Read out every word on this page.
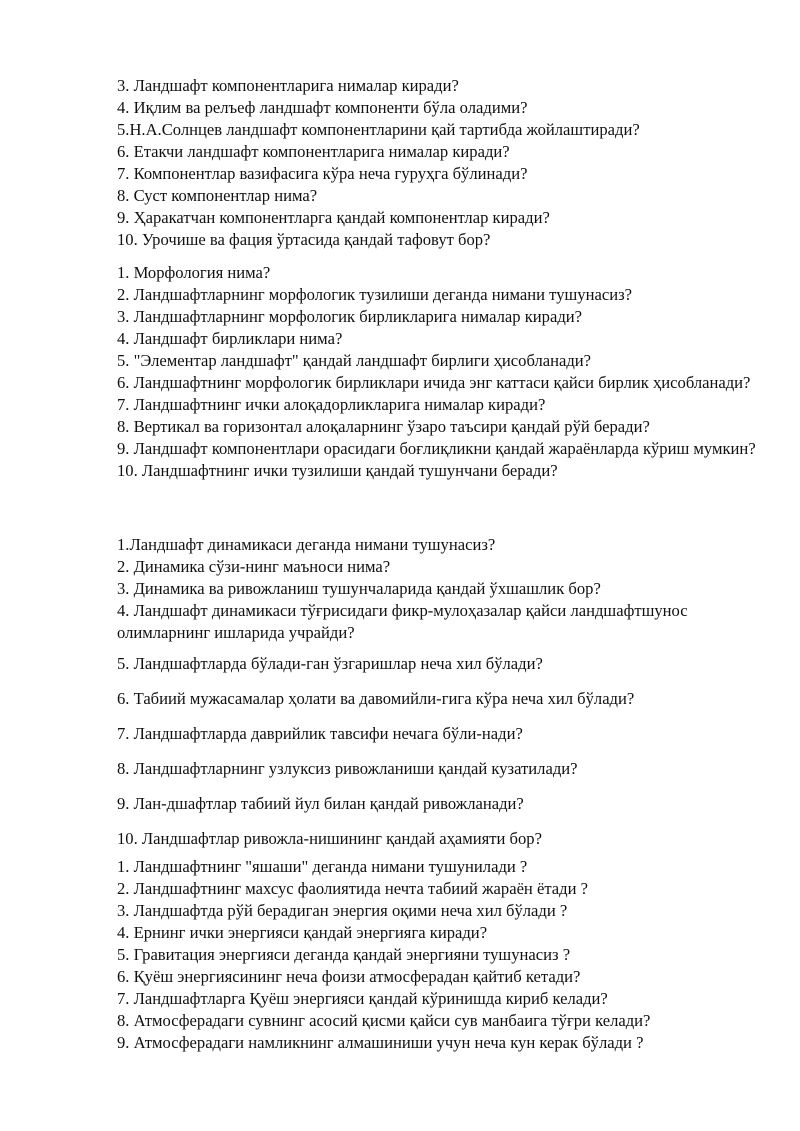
3. Ландшафт компонентларига нималар киради?
4. Иқлим ва релъеф ландшафт компоненти бўла оладими?
5.Н.А.Солнцев ландшафт компонентларини қай тартибда жойлаштиради?
6. Етакчи ландшафт компонентларига нималар киради?
7. Компонентлар вазифасига кўра неча гуруҳга бўлинади?
8. Суст компонентлар нима?
9. Ҳаракатчан компонентларга қандай компонентлар киради?
10. Урочише ва фация ўртасида қандай тафовут бор?
1. Морфология нима?
2. Ландшафтларнинг морфологик тузилиши деганда нимани тушунасиз?
3. Ландшафтларнинг морфологик бирликларига нималар киради?
4. Ландшафт бирликлари нима?
5. "Элементар ландшафт" қандай ландшафт бирлиги ҳисобланади?
6. Ландшафтнинг морфологик бирликлари ичида энг каттаси қайси бирлик ҳисобланади?
7. Ландшафтнинг ички алоқадорликларига нималар киради?
8. Вертикал ва горизонтал алоқаларнинг ўзаро таъсири қандай рўй беради?
9. Ландшафт компонентлари орасидаги боғлиқликни қандай жараёнларда кўриш мумкин?
10. Ландшафтнинг ички тузилиши қандай тушунчани беради?
1.Ландшафт динамикаси деганда нимани тушунасиз?
2. Динамика сўзи-нинг маъноси нима?
3. Динамика ва ривожланиш тушунчаларида қандай ўхшашлик бор?
4. Ландшафт динамикаси тўғрисидаги фикр-мулоҳазалар қайси ландшафтшунос олимларнинг ишларида учрайди?
5. Ландшафтларда бўлади-ган ўзгаришлар неча хил бўлади?
6. Табиий мужасамалар ҳолати ва давомийли-гига кўра неча хил бўлади?
7. Ландшафтларда даврийлик тавсифи нечага бўли-нади?
8. Ландшафтларнинг узлуксиз ривожланиши қандай кузатилади?
9. Лан-дшафтлар табиий йул билан қандай ривожланади?
10. Ландшафтлар ривожла-нишининг қандай аҳамияти бор?
1. Ландшафтнинг "яшаши" деганда нимани тушунилади ?
2. Ландшафтнинг махсус фаолиятида нечта табиий жараён ётади ?
3. Ландшафтда рўй берадиган энергия оқими неча хил бўлади ?
4. Ернинг ички энергияси қандай энергияга киради?
5. Гравитация энергияси деганда қандай энергияни тушунасиз ?
6. Қуёш энергиясининг неча фоизи атмосферадан қайтиб кетади?
7. Ландшафтларга Қуёш энергияси қандай кўринишда кириб келади?
8. Атмосферадаги сувнинг асосий қисми қайси сув манбаига тўғри келади?
9. Атмосферадаги намликнинг алмашиниши учун неча кун керак бўлади ?
